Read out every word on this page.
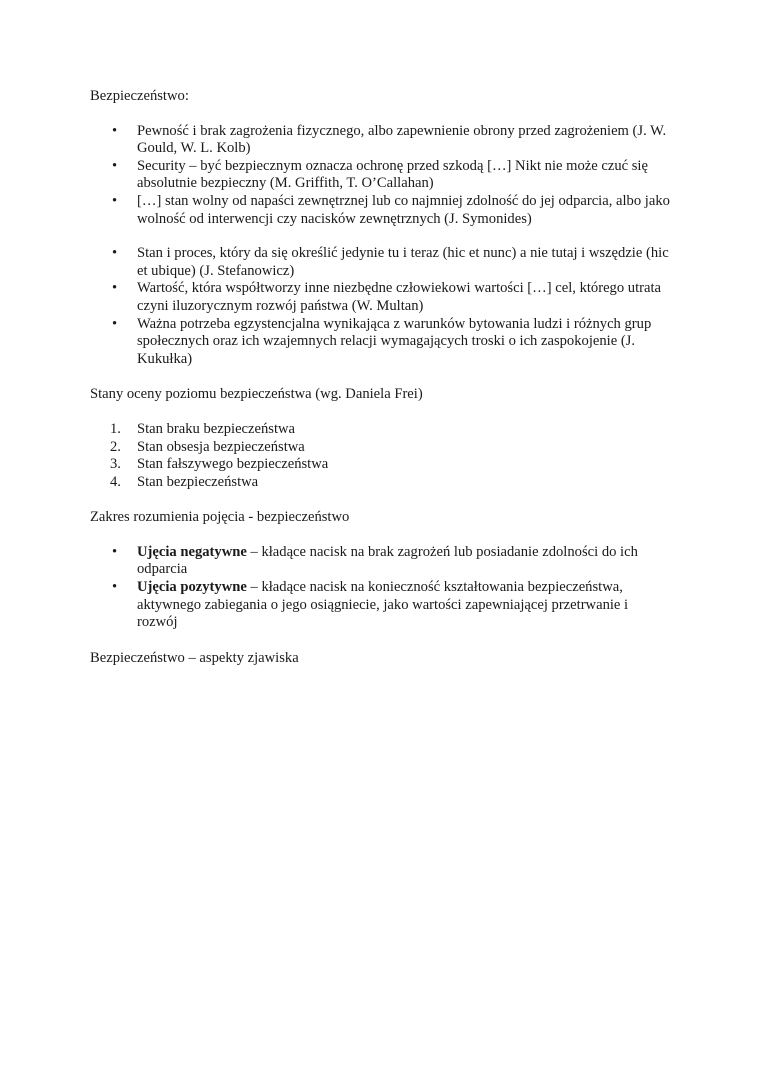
Bezpieczeństwo:

•	Pewność i brak zagrożenia fizycznego, albo zapewnienie obrony przed zagrożeniem (J. W. Gould, W. L. Kolb)
•	Security – być bezpiecznym oznacza ochronę przed szkodą […] Nikt nie może czuć się absolutnie bezpieczny (M. Griffith, T. O’Callahan)
•	[…] stan wolny od napaści zewnętrznej lub co najmniej zdolność do jej odparcia, albo jako wolność od interwencji czy nacisków zewnętrznych (J. Symonides)
•	Stan i proces, który da się określić jedynie tu i teraz (hic et nunc) a nie tutaj i wszędzie (hic et ubique) (J. Stefanowicz)
•	Wartość, która współtworzy inne niezbędne człowiekowi wartości […] cel, którego utrata czyni iluzorycznym rozwój państwa (W. Multan)
•	Ważna potrzeba egzystencjalna wynikająca z warunków bytowania ludzi i różnych grup społecznych oraz ich wzajemnych relacji wymagających troski o ich zaspokojenie (J. Kukułka)

Stany oceny poziomu bezpieczeństwa (wg. Daniela Frei)

1.	Stan braku bezpieczeństwa
2.	Stan obsesja bezpieczeństwa
3.	Stan fałszywego bezpieczeństwa
4.	Stan bezpieczeństwa

Zakres rozumienia pojęcia - bezpieczeństwo

•	Ujęcia negatywne – kładące nacisk na brak zagrożeń lub posiadanie zdolności do ich odparcia
•	Ujęcia pozytywne – kładące nacisk na konieczność kształtowania bezpieczeństwa, aktywnego zabiegania o jego osiągniecie, jako wartości zapewniającej przetrwanie i rozwój

Bezpieczeństwo – aspekty zjawiska
